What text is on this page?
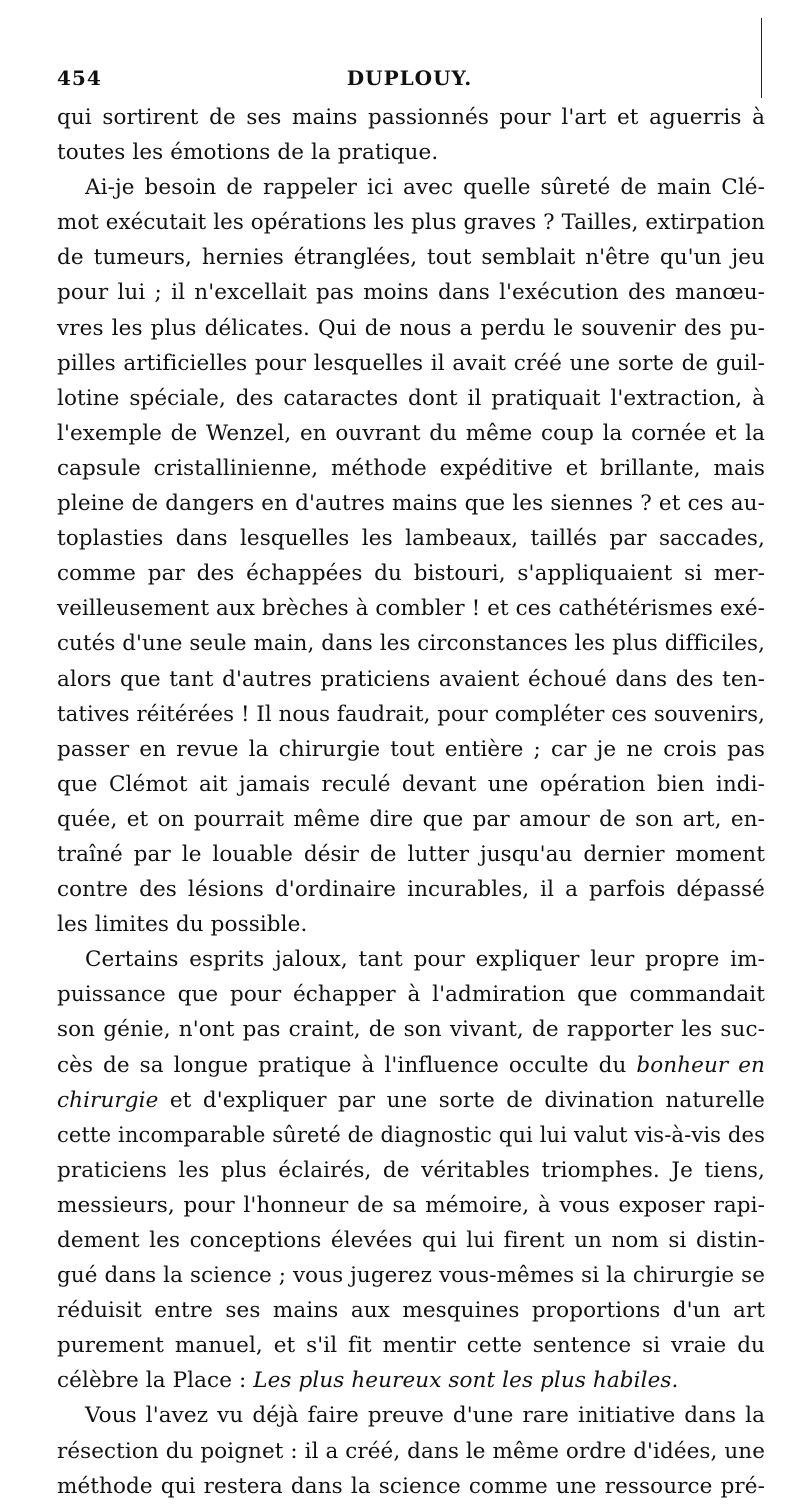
454	DUPLOUY.
qui sortirent de ses mains passionnés pour l'art et aguerris à
toutes les émotions de la pratique.
Ai-je besoin de rappeler ici avec quelle sûreté de main Clé-
mot exécutait les opérations les plus graves ? Tailles, extirpation
de tumeurs, hernies étranglées, tout semblait n'être qu'un jeu
pour lui ; il n'excellait pas moins dans l'exécution des manœu-
vres les plus délicates. Qui de nous a perdu le souvenir des pu-
pilles artificielles pour lesquelles il avait créé une sorte de guil-
lotine spéciale, des cataractes dont il pratiquait l'extraction, à
l'exemple de Wenzel, en ouvrant du même coup la cornée et la
capsule cristallinienne, méthode expéditive et brillante, mais
pleine de dangers en d'autres mains que les siennes ? et ces au-
toplasties dans lesquelles les lambeaux, taillés par saccades,
comme par des échappées du bistouri, s'appliquaient si mer-
veilleusement aux brèches à combler ! et ces cathétérismes exé-
cutés d'une seule main, dans les circonstances les plus difficiles,
alors que tant d'autres praticiens avaient échoué dans des ten-
tatives réitérées ! Il nous faudrait, pour compléter ces souvenirs,
passer en revue la chirurgie tout entière ; car je ne crois pas
que Clémot ait jamais reculé devant une opération bien indi-
quée, et on pourrait même dire que par amour de son art, en-
traîné par le louable désir de lutter jusqu'au dernier moment
contre des lésions d'ordinaire incurables, il a parfois dépassé
les limites du possible.
Certains esprits jaloux, tant pour expliquer leur propre im-
puissance que pour échapper à l'admiration que commandait
son génie, n'ont pas craint, de son vivant, de rapporter les suc-
cès de sa longue pratique à l'influence occulte du bonheur en
chirurgie et d'expliquer par une sorte de divination naturelle
cette incomparable sûreté de diagnostic qui lui valut vis-à-vis des
praticiens les plus éclairés, de véritables triomphes. Je tiens,
messieurs, pour l'honneur de sa mémoire, à vous exposer rapi-
dement les conceptions élevées qui lui firent un nom si distin-
gué dans la science ; vous jugerez vous-mêmes si la chirurgie se
réduisit entre ses mains aux mesquines proportions d'un art
purement manuel, et s'il fit mentir cette sentence si vraie du
célèbre la Place : Les plus heureux sont les plus habiles.
Vous l'avez vu déjà faire preuve d'une rare initiative dans la
résection du poignet : il a créé, dans le même ordre d'idées, une
méthode qui restera dans la science comme une ressource pré-
